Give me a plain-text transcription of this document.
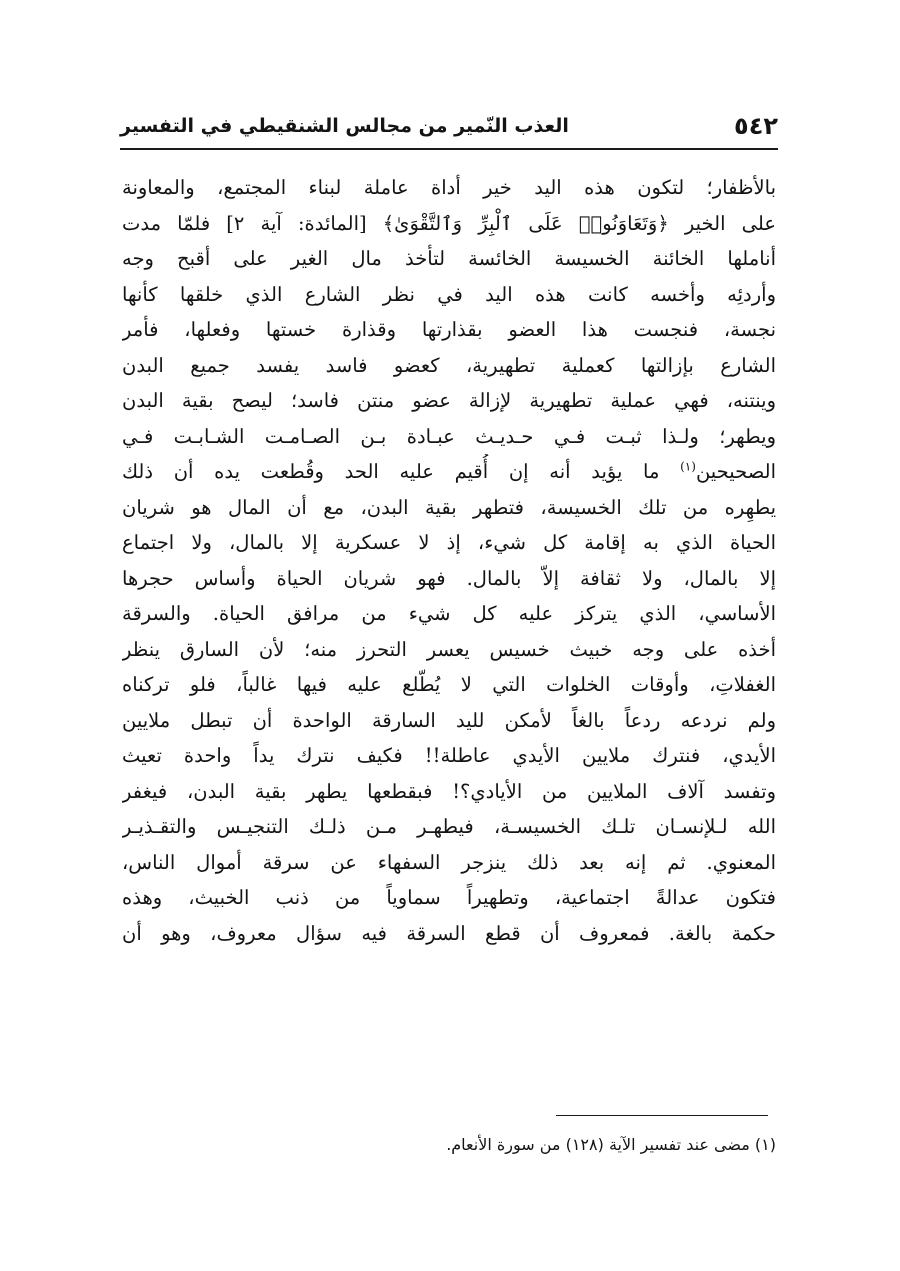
٥٤٢
العذب النّمير من مجالس الشنقيطي في التفسير
بالأظفار؛ لتكون هذه اليد خير أداة عاملة لبناء المجتمع، والمعاونة
على الخير ﴿وَتَعَاوَنُوا۟ عَلَى ٱلْبِرِّ وَٱلتَّقْوَىٰ﴾ [المائدة: آية ٢] فلمّا مدت
أناملها الخائنة الخسيسة الخائسة لتأخذ مال الغير على أقبح وجه
وأردئِه وأخسه كانت هذه اليد في نظر الشارع الذي خلقها كأنها
نجسة، فنجست هذا العضو بقذارتها وقذارة خستها وفعلها، فأمر
الشارع بإزالتها كعملية تطهيرية، كعضو فاسد يفسد جميع البدن
وينتنه، فهي عملية تطهيرية لإزالة عضو منتن فاسد؛ ليصح بقية البدن
ويطهر؛ ولـذا ثبـت فـي حـديـث عبـادة بـن الصـامـت الشـابـت فـي
الصحيحين$^{(١)}$ ما يؤيد أنه إن أُقيم عليه الحد وقُطعت يده أن ذلك
يطهِره من تلك الخسيسة، فتطهر بقية البدن، مع أن المال هو شريان
الحياة الذي به إقامة كل شيء، إذ لا عسكرية إلا بالمال، ولا اجتماع
إلا بالمال، ولا ثقافة إلاّ بالمال. فهو شريان الحياة وأساس حجرها
الأساسي، الذي يتركز عليه كل شيء من مرافق الحياة. والسرقة
أخذه على وجه خبيث خسيس يعسر التحرز منه؛ لأن السارق ينظر
الغفلاتِ، وأوقات الخلوات التي لا يُطّلع عليه فيها غالباً، فلو تركناه
ولم نردعه ردعاً بالغاً لأمكن لليد السارقة الواحدة أن تبطل ملايين
الأيدي، فنترك ملايين الأيدي عاطلة!! فكيف نترك يداً واحدة تعيث
وتفسد آلاف الملايين من الأيادي؟! فبقطعها يطهر بقية البدن، فيغفر
الله لـلإنسـان تلـك الخسيسـة، فيطهـر مـن ذلـك التنجيـس والتقـذيـر
المعنوي. ثم إنه بعد ذلك ينزجر السفهاء عن سرقة أموال الناس،
فتكون عدالةً اجتماعية، وتطهيراً سماوياً من ذنب الخبيث، وهذه
حكمة بالغة. فمعروف أن قطع السرقة فيه سؤال معروف، وهو أن
(١) مضى عند تفسير الآية (١٢٨) من سورة الأنعام.
